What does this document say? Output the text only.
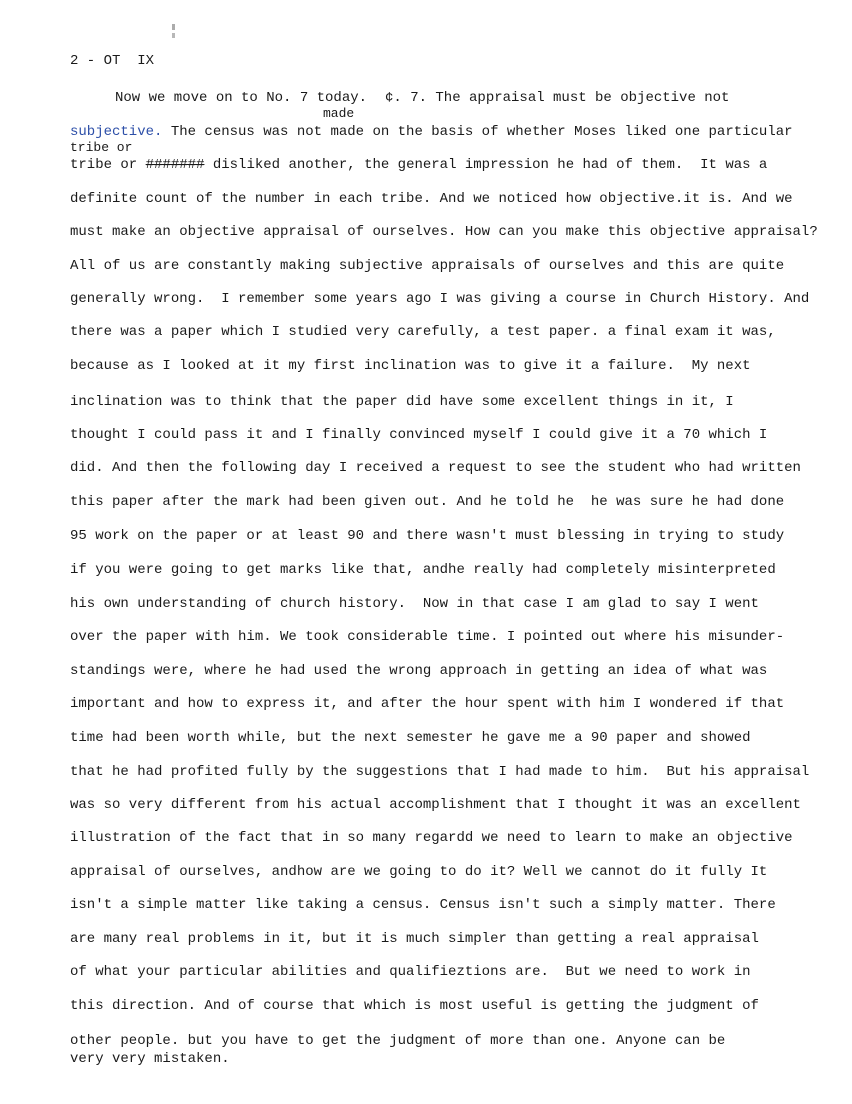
2 - OT  IX
Now we move on to No. 7 today. ¢. 7. The appraisal must be objective not
made
subjective. The census was not made on the basis of whether Moses liked one particular
tribe or
tribe or ####### disliked another, the general impression he had of them.  It was a
definite count of the number in each tribe. And we noticed how objective.it is. And we
must make an objective appraisal of ourselves. How can you make this objective appraisal?
All of us are constantly making subjective appraisals of ourselves and this are quite
generally wrong.  I remember some years ago I was giving a course in Church History. And
there was a paper which I studied very carefully, a test paper. a final exam it was,
because as I looked at it my first inclination was to give it a failure.  My next
inclination was to think that the paper did have some excellent things in it, I
thought I could pass it and I finally convinced myself I could give it a 70 which I
did. And then the following day I received a request to see the student who had written
this paper after the mark had been given out. And he told he  he was sure he had done
95 work on the paper or at least 90 and there wasn't must blessing in trying to study
if you were going to get marks like that, andhe really had completely misinterpreted
his own understanding of church history.  Now in that case I am glad to say I went
over the paper with him. We took considerable time. I pointed out where his misunder-
standings were, where he had used the wrong approach in getting an idea of what was
important and how to express it, and after the hour spent with him I wondered if that
time had been worth while, but the next semester he gave me a 90 paper and showed
that he had profited fully by the suggestions that I had made to him.  But his appraisal
was so very different from his actual accomplishment that I thought it was an excellent
illustration of the fact that in so many regardd we need to learn to make an objective
appraisal of ourselves, andhow are we going to do it? Well we cannot do it fully It
isn't a simple matter like taking a census. Census isn't such a simply matter. There
are many real problems in it, but it is much simpler than getting a real appraisal
of what your particular abilities and qualifieztions are.  But we need to work in
this direction. And of course that which is most useful is getting the judgment of
other people. but you have to get the judgment of more than one. Anyone can be
very very mistaken.
